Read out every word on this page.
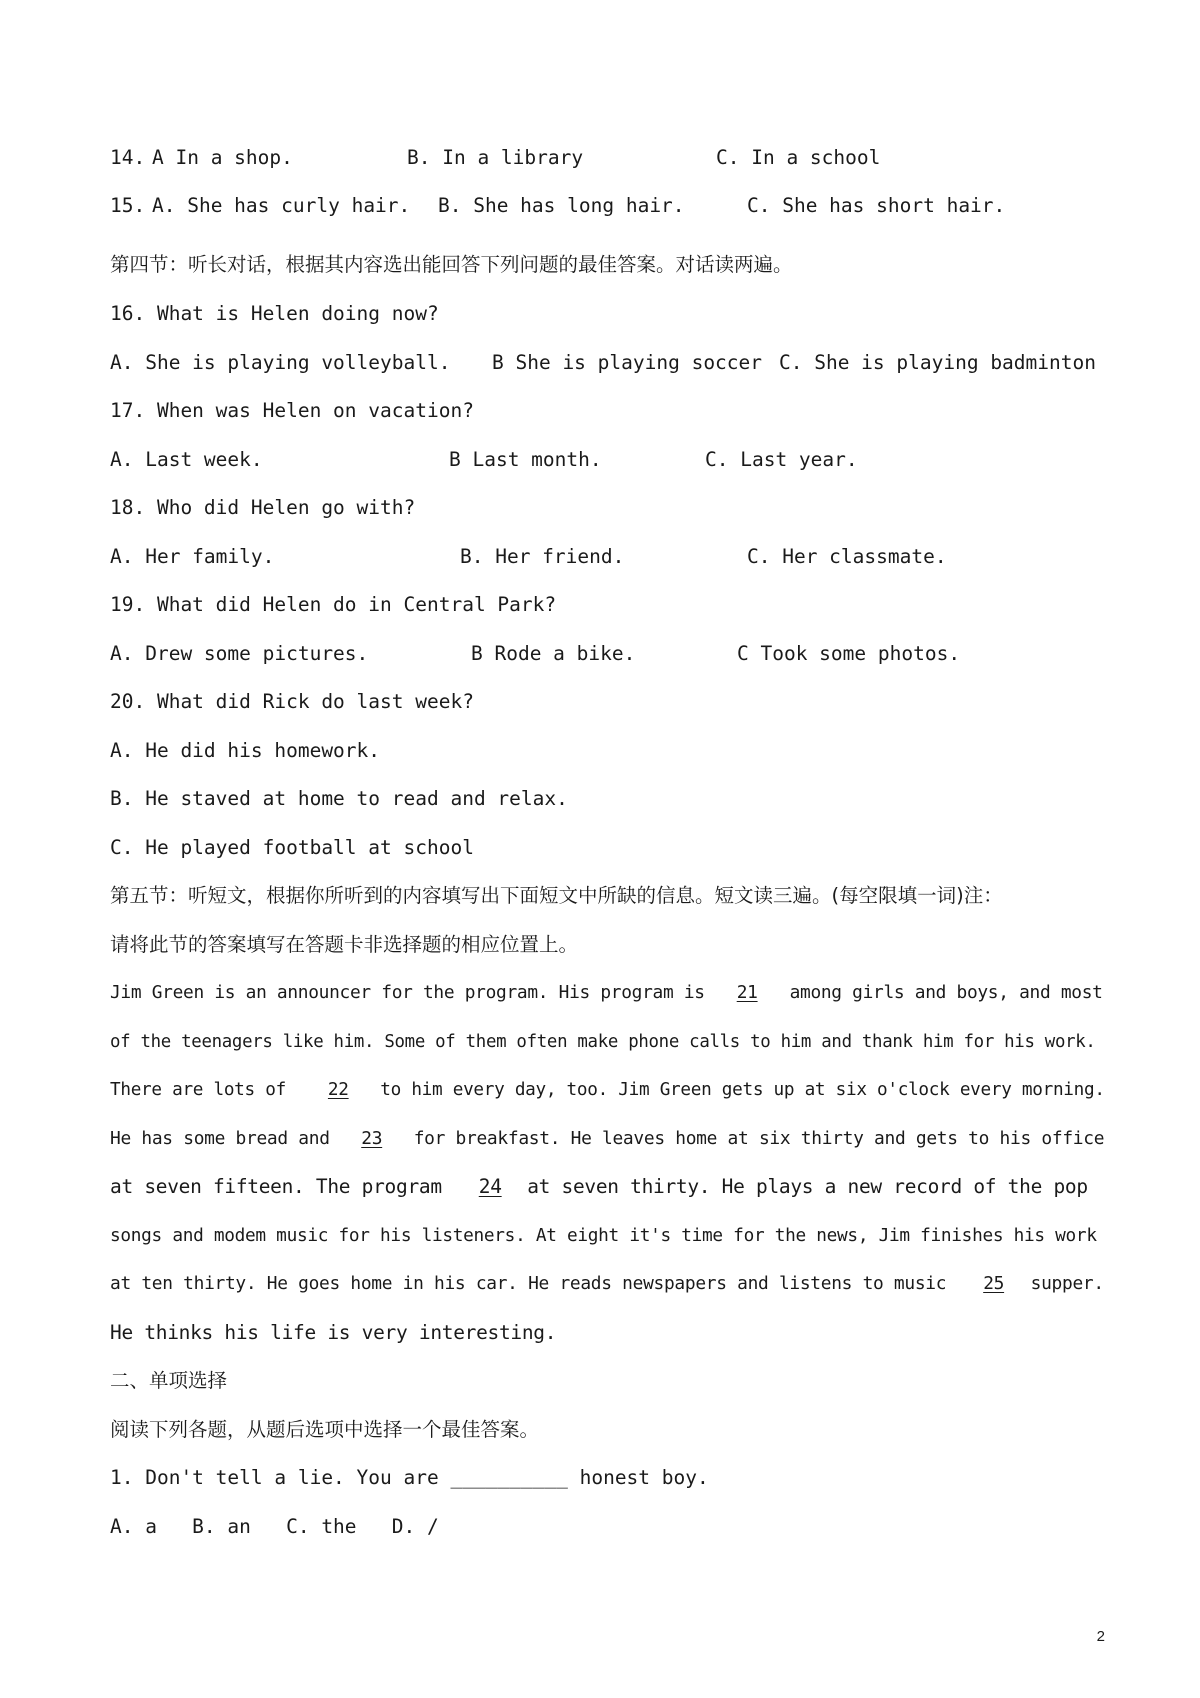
14. A In a shop.	B. In a library	C. In a school
15. A. She has curly hair. B. She has long hair.	C. She has short hair.
第四节：听长对话，根据其内容选出能回答下列问题的最佳答案。对话读两遍。
16. What is Helen doing now?
A. She is playing volleyball. B She is playing soccer C. She is playing badminton
17. When was Helen on vacation?
A. Last week.	B Last month.	C. Last year.
18. Who did Helen go with?
A. Her family.	B. Her friend.	C. Her classmate.
19. What did Helen do in Central Park?
A. Drew some pictures.	B Rode a bike.	C Took some photos.
20. What did Rick do last week?
A. He did his homework.
B. He staved at home to read and relax.
C. He played football at school
第五节：听短文，根据你所听到的内容填写出下面短文中所缺的信息。短文读三遍。(每空限填一词)注：
请将此节的答案填写在答题卡非选择题的相应位置上。
Jim Green is an announcer for the program. His program is 21 among girls and boys, and most
of the teenagers like him. Some of them often make phone calls to him and thank him for his work.
There are lots of 22 to him every day, too. Jim Green gets up at six o'clock every morning.
He has some bread and 23 for breakfast. He leaves home at six thirty and gets to his office
at seven fifteen. The program 24 at seven thirty. He plays a new record of the pop
songs and modem music for his listeners. At eight it's time for the news, Jim finishes his work
at ten thirty. He goes home in his car. He reads newspapers and listens to music 25 supper.
He thinks his life is very interesting.
二、单项选择
阅读下列各题，从题后选项中选择一个最佳答案。
1. Don't tell a lie. You are __________ honest boy.
A. a   B. an   C. the   D. /
2
